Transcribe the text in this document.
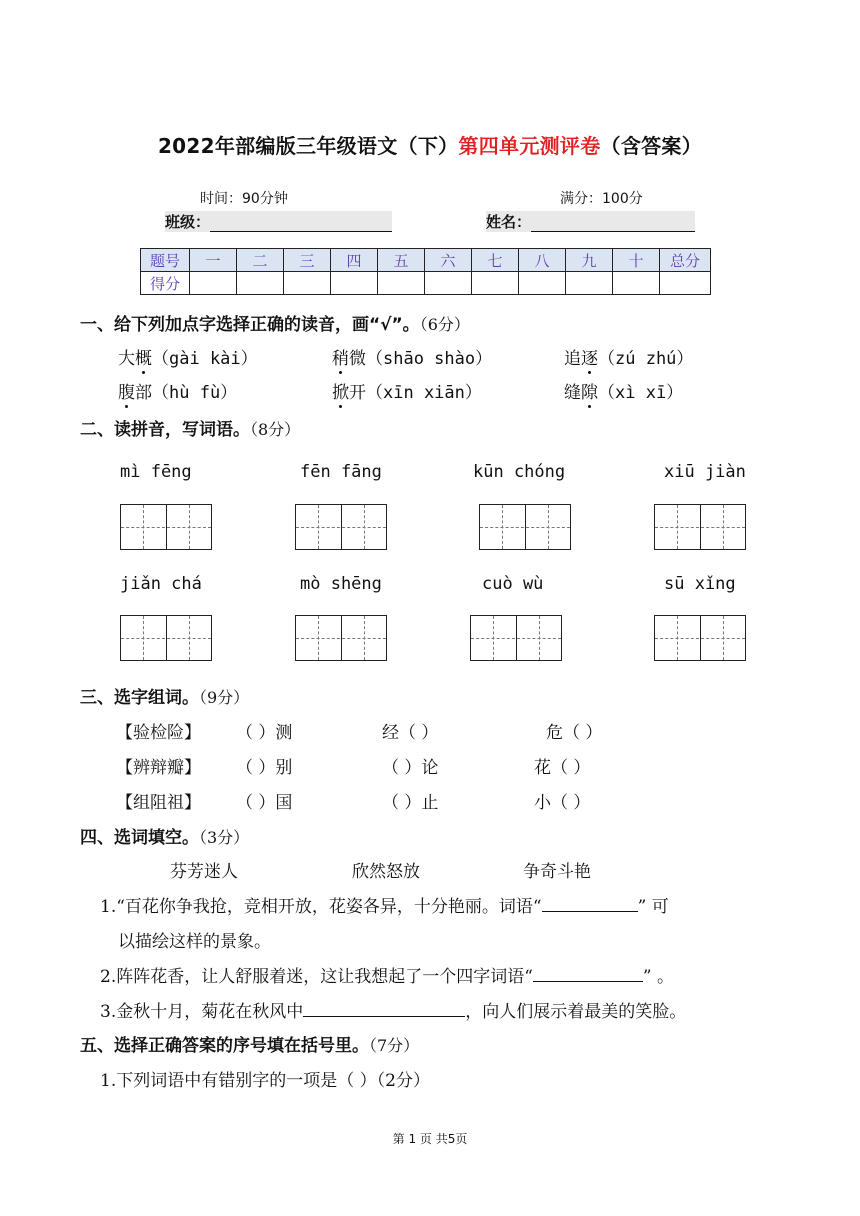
2022年部编版三年级语文（下）第四单元测评卷（含答案）
时间：90分钟	满分：100分
班级：	姓名：
题号	一	二	三	四	五	六	七	八	九	十	总分
得分											
一、给下列加点字选择正确的读音，画“√”。（6分）
大概（gài kài）	稍微（shāo shào）	追逐（zú zhú）
腹部（hù fù）	掀开（xīn xiān）	缝隙（xì xī）
二、读拼音，写词语。（8分）
mì fēng	fēn fāng	kūn chóng	xiū jiàn
jiǎn chá	mò shēng	cuò wù	sū xǐng
三、选字组词。（9分）
【验检险】 （ ）测	经（ ）	危（ ）
【辨辩瓣】 （ ）别	（ ）论	花（ ）
【组阻祖】 （ ）国	（ ）止	小（ ）
四、选词填空。（3分）
芬芳迷人	欣然怒放	争奇斗艳
1.“百花你争我抢，竞相开放，花姿各异，十分艳丽。词语“	” 可
以描绘这样的景象。
2.阵阵花香，让人舒服着迷，这让我想起了一个四字词语“	” 。
3.金秋十月，菊花在秋风中	，向人们展示着最美的笑脸。
五、选择正确答案的序号填在括号里。（7分）
1.下列词语中有错别字的一项是（ ）（2分）
第 1 页 共5页
